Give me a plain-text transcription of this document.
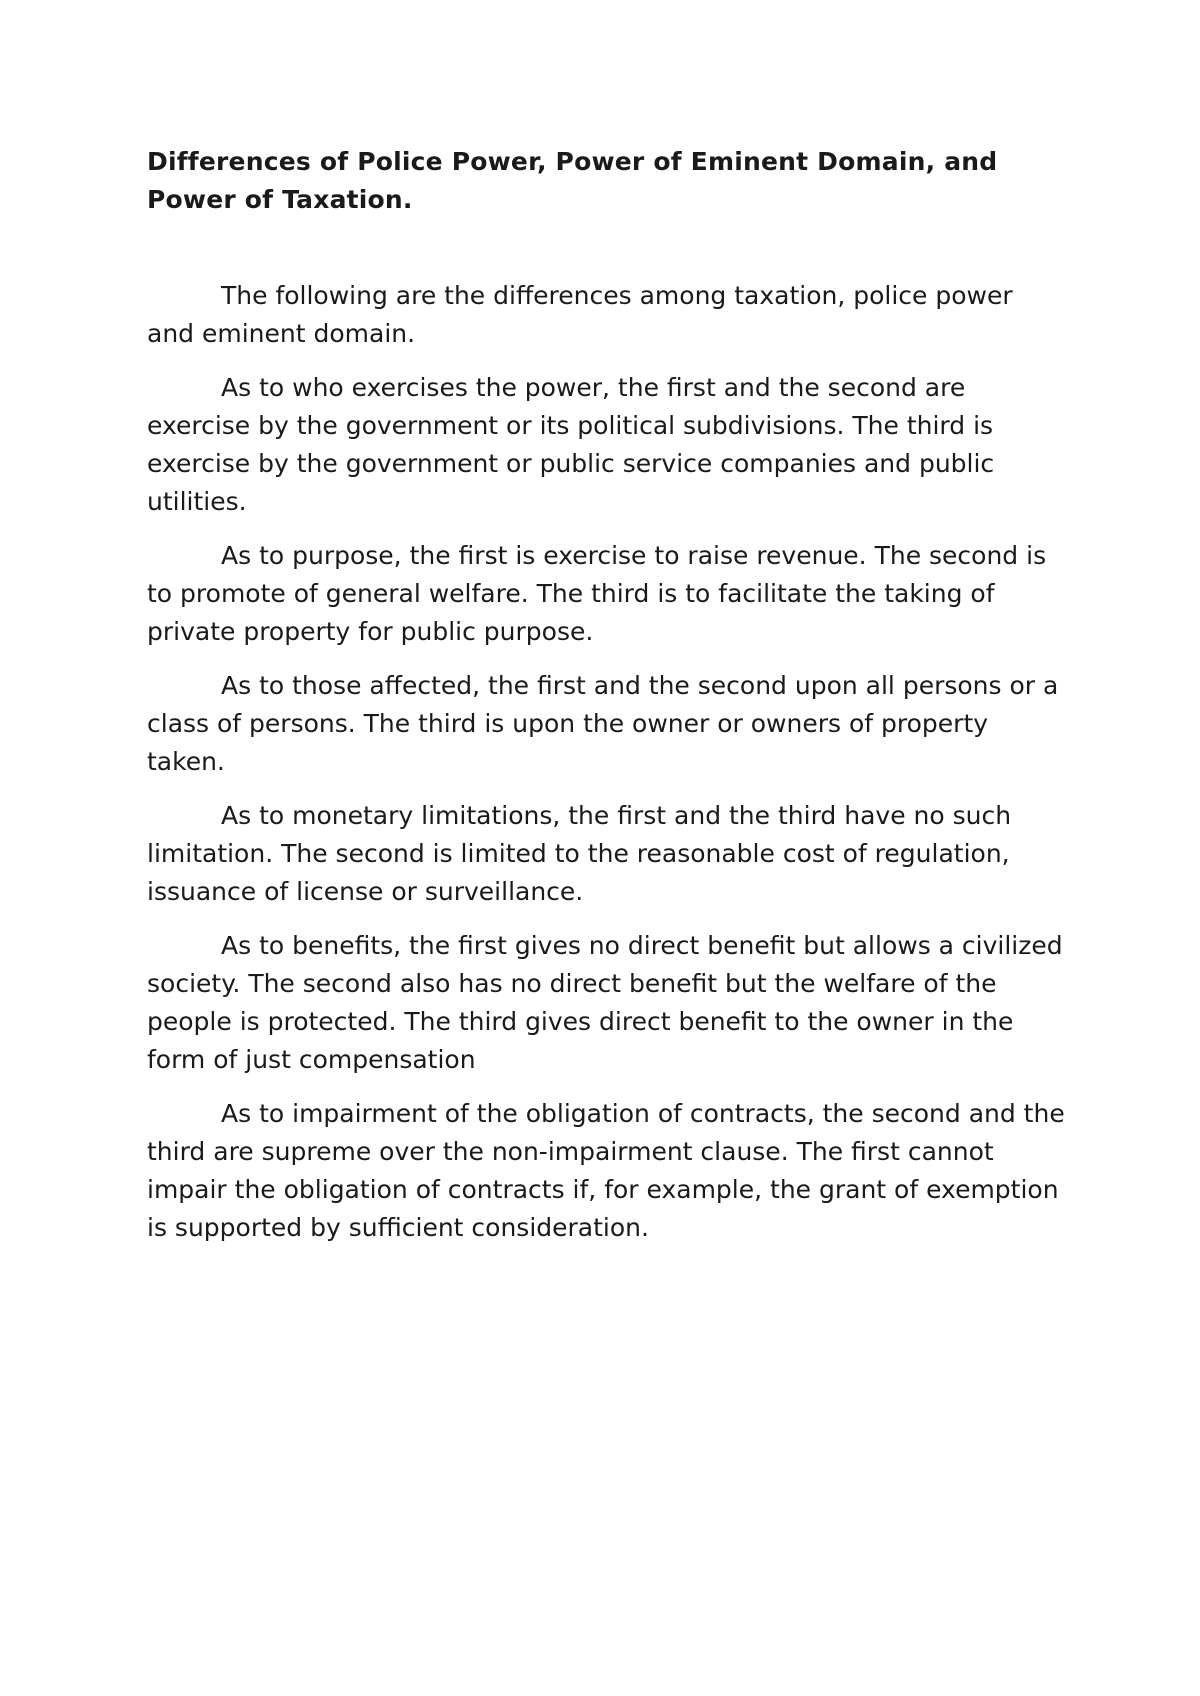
Differences of Police Power, Power of Eminent Domain, and Power of Taxation.

The following are the differences among taxation, police power and eminent domain.

As to who exercises the power, the first and the second are exercise by the government or its political subdivisions. The third is exercise by the government or public service companies and public utilities.

As to purpose, the first is exercise to raise revenue. The second is to promote of general welfare. The third is to facilitate the taking of private property for public purpose.

As to those affected, the first and the second upon all persons or a class of persons. The third is upon the owner or owners of property taken.

As to monetary limitations, the first and the third have no such limitation. The second is limited to the reasonable cost of regulation, issuance of license or surveillance.

As to benefits, the first gives no direct benefit but allows a civilized society. The second also has no direct benefit but the welfare of the people is protected. The third gives direct benefit to the owner in the form of just compensation

As to impairment of the obligation of contracts, the second and the third are supreme over the non-impairment clause. The first cannot impair the obligation of contracts if, for example, the grant of exemption is supported by sufficient consideration.
